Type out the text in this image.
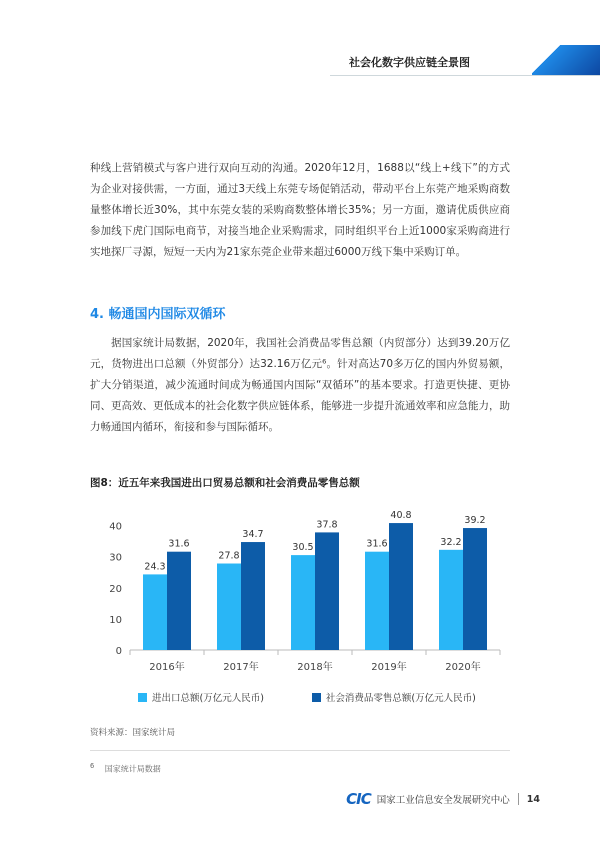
社会化数字供应链全景图

种线上营销模式与客户进行双向互动的沟通。2020年12月，1688以“线上+线下”的方式为企业对接供需，一方面，通过3天线上东莞专场促销活动，带动平台上东莞产地采购商数量整体增长近30%，其中东莞女装的采购商数整体增长35%；另一方面，邀请优质供应商参加线下虎门国际电商节，对接当地企业采购需求，同时组织平台上近1000家采购商进行实地探厂寻源，短短一天内为21家东莞企业带来超过6000万线下集中采购订单。

4. 畅通国内国际双循环

据国家统计局数据，2020年，我国社会消费品零售总额（内贸部分）达到39.20万亿元，货物进出口总额（外贸部分）达32.16万亿元⁶。针对高达70多万亿的国内外贸易额，扩大分销渠道，减少流通时间成为畅通国内国际“双循环”的基本要求。打造更快捷、更协同、更高效、更低成本的社会化数字供应链体系，能够进一步提升流通效率和应急能力，助力畅通国内循环，衔接和参与国际循环。

图8：近五年来我国进出口贸易总额和社会消费品零售总额
0
10
20
30
40
24.3
31.6
2016年
27.8
34.7
2017年
30.5
37.8
2018年
31.6
40.8
2019年
32.2
39.2
2020年
进出口总额(万亿元人民币)	社会消费品零售总额(万亿元人民币)
资料来源：国家统计局
$^6$ 国家统计局数据
CIC 国家工业信息安全发展研究中心 14
